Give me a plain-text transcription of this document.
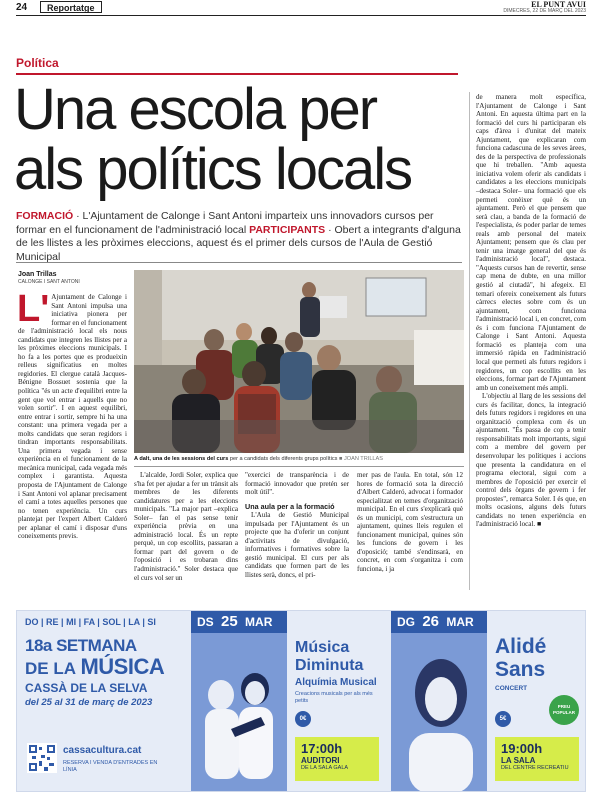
24	Reportatge	EL PUNT AVUI
DIMECRES, 22 DE MARÇ DEL 2023
Política
Una escola per
als polítics locals
FORMACIÓ · L'Ajuntament de Calonge i Sant Antoni imparteix uns innovadors cursos per formar en el funcionament de l'administració local PARTICIPANTS · Obert a integrants d'alguna de les llistes a les pròximes eleccions, aquest és el primer dels cursos de l'Aula de Gestió Municipal
Joan Trillas
CALONGE I SANT ANTONI
L' Ajuntament de Calonge i Sant Antoni impulsa una iniciativa pionera per formar en el funcionament de l'administració local els nous candidats que integren les llistes per a les pròximes eleccions municipals. I ho fa a les portes que es produeixin relleus significatius en moltes regidories. El clergue català Jacques-Bénigne Bossuet sostenia que la política "és un acte d'equilibri entre la gent que vol entrar i aquells que no volen sortir". I en aquest equilibri, entre entrar i sortir, sempre hi ha una constant: una primera vegada per a molts candidats que seran regidors i tindran importants responsabilitats. Una primera vegada i sense experiència en el funcionament de la mecànica municipal, cada vegada més complex i garantista. Aquesta proposta de l'Ajuntament de Calonge i Sant Antoni vol aplanar precisament el camí a totes aquelles persones que no tenen experiència. Un curs plantejat per l'expert Albert Calderó per aplanar el camí i disposar d'uns coneixements previs.
A dalt, una de les sessions del curs per a candidats dels diferents grups polítics ■ JOAN TRILLAS

L'alcalde, Jordi Soler, explica que s'ha fet per ajudar a fer un trànsit als membres de les diferents candidatures per a les eleccions municipals. "La major part –explica Soler– fan el pas sense tenir experiència prèvia en una administració local. És un repte perquè, un cop escollits, passaran a formar part del govern o de l'oposició i es trobaran dins l'administració." Soler destaca que el curs vol ser un

"exercici de transparència i de formació innovador que pretén ser molt útil".

Una aula per a la formació

L'Aula de Gestió Municipal impulsada per l'Ajuntament és un projecte que ha d'oferir un conjunt d'activitats de divulgació, informatives i formatives sobre la gestió municipal. El curs per als candidats que formen part de les llistes serà, doncs, el pri-

mer pas de l'aula. En total, són 12 hores de formació sota la direcció d'Albert Calderó, advocat i formador especialitzat en temes d'organització municipal. En el curs s'explicarà què és un municipi, com s'estructura un ajuntament, quines lleis regulen el funcionament municipal, quines són les funcions de govern i les d'oposició; també s'endinsarà, en concret, en com s'organitza i com funciona, i ja

de manera molt específica, l'Ajuntament de Calonge i Sant Antoni. En aquesta última part en la formació del curs hi participaran els caps d'àrea i d'unitat del mateix Ajuntament, que explicaran com funciona cadascuna de les seves àrees, des de la perspectiva de professionals que hi treballen. "Amb aquesta iniciativa volem oferir als candidats i candidates a les eleccions municipals –destaca Soler– una formació que els permeti conèixer què és un ajuntament. Però el que pensem que serà clau, a banda de la formació de l'especialista, és poder parlar de temes reals amb personal del mateix Ajuntament; pensem que és clau per tenir una imatge general del que és l'administració local", destaca. "Aquests cursos han de revertir, sense cap mena de dubte, en una millor gestió al ciutadà", hi afegeix. El temari ofereix coneixement als futurs càrrecs electes sobre com és un ajuntament, com funciona l'administració local i, en concret, com és i com funciona l'Ajuntament de Calonge i Sant Antoni. Aquesta formació es planteja com una immersió ràpida en l'administració local que permeti als futurs regidors i regidores, un cop escollits en les eleccions, formar part de l'Ajuntament amb un coneixement més ampli.

L'objectiu al llarg de les sessions del curs és facilitar, doncs, la integració dels futurs regidors i regidores en una organització complexa com és un ajuntament. "És passa de cop a tenir responsabilitats molt importants, sigui com a membre del govern per desenvolupar les polítiques i accions que presenta la candidatura en el programa electoral, sigui com a membres de l'oposició per exercir el control dels òrgans de govern i fer propostes", remarca Soler. I és que, en molts ocasions, alguns dels futurs candidats no tenen experiència en l'administració local. ■

DO | RE | MI | FA | SOL | LA | SI
18a SETMANA
DE LA MÚSICA
CASSÀ DE LA SELVA
del 25 al 31 de març de 2023
cassacultura.cat
RESERVA I VENDA D'ENTRADES EN LÍNIA
DS 25 MAR
Música
Diminuta
Alquímia Musical
Creacions musicals per als més petits
0€
17:00h
AUDITORI
DE LA SALA GALA
DG 26 MAR
Alidé
Sans
CONCERT
5€
PREU POPULAR
19:00h
LA SALA
DEL CENTRE RECREATIU
